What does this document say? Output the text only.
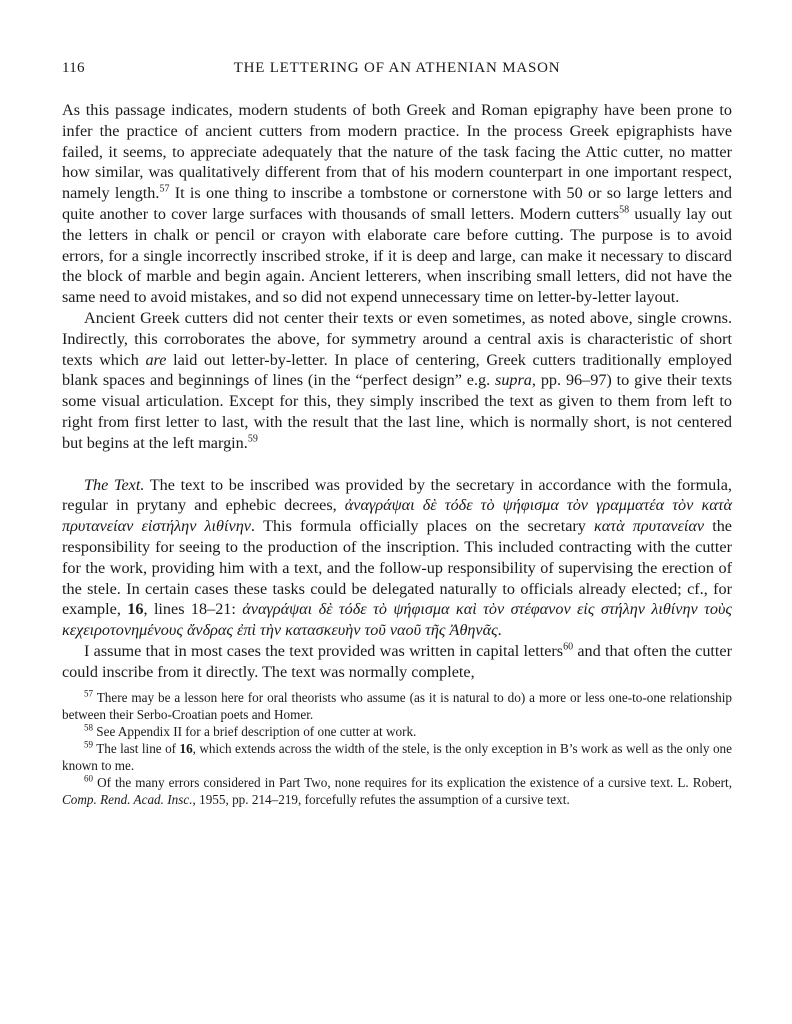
116	THE LETTERING OF AN ATHENIAN MASON

As this passage indicates, modern students of both Greek and Roman epigraphy have been prone to infer the practice of ancient cutters from modern practice. In the process Greek epigraphists have failed, it seems, to appreciate adequately that the nature of the task facing the Attic cutter, no matter how similar, was qualitatively different from that of his modern counterpart in one important respect, namely length.$^{57}$ It is one thing to inscribe a tombstone or cornerstone with 50 or so large letters and quite another to cover large surfaces with thousands of small letters. Modern cutters$^{58}$ usually lay out the letters in chalk or pencil or crayon with elaborate care before cutting. The purpose is to avoid errors, for a single incorrectly inscribed stroke, if it is deep and large, can make it necessary to discard the block of marble and begin again. Ancient letterers, when inscribing small letters, did not have the same need to avoid mistakes, and so did not expend unnecessary time on letter-by-letter layout.

Ancient Greek cutters did not center their texts or even sometimes, as noted above, single crowns. Indirectly, this corroborates the above, for symmetry around a central axis is characteristic of short texts which are laid out letter-by-letter. In place of centering, Greek cutters traditionally employed blank spaces and beginnings of lines (in the “perfect design” e.g. supra, pp. 96–97) to give their texts some visual articulation. Except for this, they simply inscribed the text as given to them from left to right from first letter to last, with the result that the last line, which is normally short, is not centered but begins at the left margin.$^{59}$

The Text. The text to be inscribed was provided by the secretary in accordance with the formula, regular in prytany and ephebic decrees, ἀναγράψαι δὲ τόδε τὸ ψήφισμα τὸν γραμματέα τὸν κατὰ πρυτανείαν εἰστήλην λιθίνην. This formula officially places on the secretary κατὰ πρυτανείαν the responsibility for seeing to the production of the inscription. This included contracting with the cutter for the work, providing him with a text, and the follow-up responsibility of supervising the erection of the stele. In certain cases these tasks could be delegated naturally to officials already elected; cf., for example, 16, lines 18–21: ἀναγράψαι δὲ τόδε τὸ ψήφισμα καὶ τὸν στέφανον εἰς στήλην λιθίνην τοὺς κεχειροτονημένους ἄνδρας ἐπὶ τὴν κατασκευὴν τοῦ ναοῦ τῆς Ἀθηνᾶς.

I assume that in most cases the text provided was written in capital letters$^{60}$ and that often the cutter could inscribe from it directly. The text was normally complete,

$^{57}$ There may be a lesson here for oral theorists who assume (as it is natural to do) a more or less one-to-one relationship between their Serbo-Croatian poets and Homer.

$^{58}$ See Appendix II for a brief description of one cutter at work.

$^{59}$ The last line of 16, which extends across the width of the stele, is the only exception in B’s work as well as the only one known to me.

$^{60}$ Of the many errors considered in Part Two, none requires for its explication the existence of a cursive text. L. Robert, Comp. Rend. Acad. Insc., 1955, pp. 214–219, forcefully refutes the assumption of a cursive text.
